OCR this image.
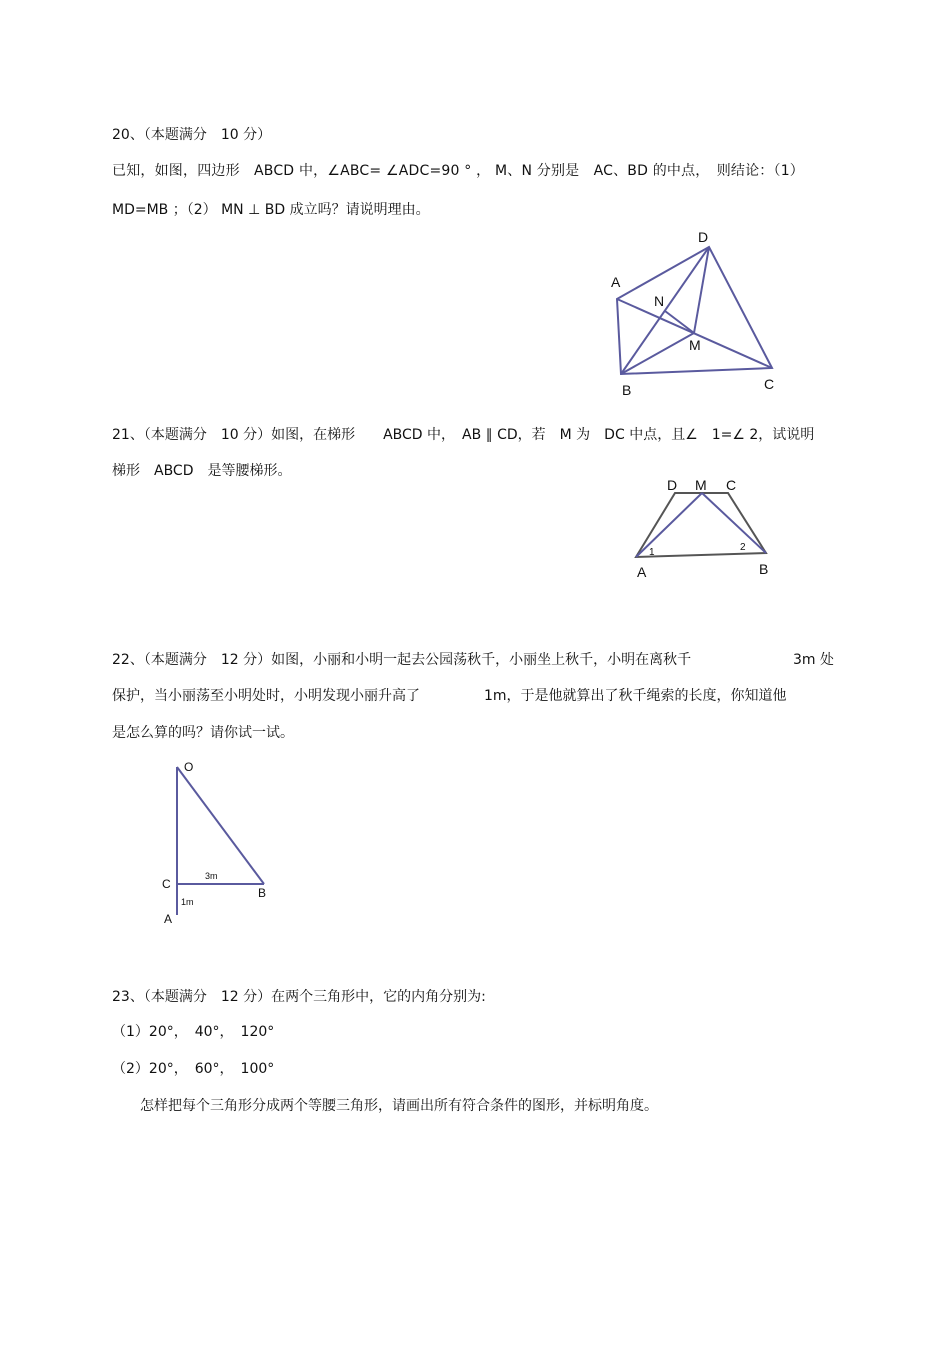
20、（本题满分　10 分）
已知，如图，四边形　ABCD 中，∠ABC= ∠ADC=90 ° ， M、N 分别是　AC、BD 的中点，　则结论：（1）
MD=MB ；（2） MN ⊥ BD 成立吗？请说明理由。
D
A
N
M
B	C
21、（本题满分　10 分）如图，在梯形　　ABCD 中，　AB ∥ CD，若　M 为　DC 中点，且∠　1=∠ 2，试说明
梯形　ABCD　是等腰梯形。
D M C
1	2
A	B
22、（本题满分　12 分）如图，小丽和小明一起去公园荡秋千，小丽坐上秋千，小明在离秋千	3m 处
保护，当小丽荡至小明处时，小明发现小丽升高了	1m，于是他就算出了秋千绳索的长度，你知道他
是怎么算的吗？请你试一试。
O
C
3m
B
1m
A
23、（本题满分　12 分）在两个三角形中，它的内角分别为:
（1）20°，　40°，　120°
（2）20°，　60°，　100°
怎样把每个三角形分成两个等腰三角形，请画出所有符合条件的图形，并标明角度。
